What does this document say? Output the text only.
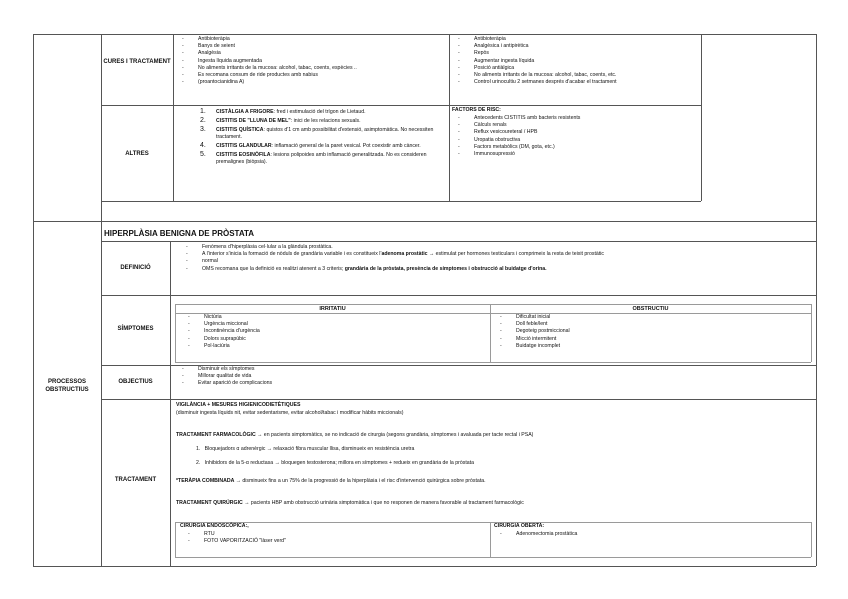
CURES I TRACTAMENT
- Antibioteràpia
- Banys de seient
- Analgèsia
- Ingesta líquida augmentada
- No aliments irritants de la mucosa: alcohol, tabac, coents, espècies ..
- Es recomana consum de ride productes amb nabius
- (proantocianidina A)
- Antibioteràpia
- Analgèsica i antipirètica
- Repòs
- Augmentar ingesta líquida
- Posició antiàlgica
- No aliments irritants de la mucosa: alcohol, tabac, coents, etc.
- Control urinocultiu 2 setmanes després d'acabar el tractament
ALTRES
1. CISTÀLGIA A FRIGORE: fred i estimulació del trígon de Lietaud.
2. CISTITIS DE "LLUNA DE MEL": inici de les relacions sexuals.
3. CISTITIS QUÍSTICA: quistos d'1 cm amb possibilitat d'extensió, asimptomàtica. No necessiten tractament.
4. CISTITIS GLANDULAR: inflamació general de la paret vesical. Pot coexistir amb càncer.
5. CISTITIS EOSINÒFILA: lesions polipoides amb inflamació generalitzada. No es consideren premalignes (biòpsia).
FACTORS DE RISC:
- Antecedents CISTITIS amb bacteris resistents
- Càlculs renals
- Reflux vesicoureteral / HPB
- Uropatia obstructiva
- Factors metabòlics (DM, gota, etc.)
- Immunosupressió
PROCESSOS OBSTRUCTIUS
HIPERPLÀSIA BENIGNA DE PRÒSTATA
DEFINICIÓ
- Fenòmens d'hiperplàsia cel·lular a la glàndula prostàtica.
- A l'interior s'inicia la formació de nòduls de grandària variable i es constitueix l'adenoma prostàtic → estimulat per hormones testiculars i comprimeix la resta de teixit prostàtic
- normal
- OMS recomana que la definició es realitzi atenent a 3 criteris; grandària de la pròstata, presència de símptomes i obstrucció al buidatge d'orina.
SÍMPTOMES
IRRITATIU	OBSTRUCTIU
- Nictúria
- Urgència miccional
- Incontinència d'urgència
- Dolors suprapúbic
- Pol·laciúria
- Dificultat inicial
- Doll feble/lent
- Degoteig postmiccional
- Micció intermitent
- Buidatge incomplet
OBJECTIUS
- Disminuir els símptomes
- Millorar qualitat de vida
- Evitar aparició de complicacions
TRACTAMENT
VIGILÀNCIA + MESURES HIGIENICODIETÈTIQUES
(disminuir ingesta líquids nit, evitar sedentarisme, evitar alcohol/tabac i modificar hàbits miccionals)
TRACTAMENT FARMACOLÒGIC → en pacients simptomàtics, se no indicació de cirurgia (segons grandària, símptomes i avaluada per tacte rectal i PSA)
1.   Bloquejadors α adrenèrgic → relaxació fibra muscular llisa, disminueix en resistència uretra
2.   Inhibidors de la 5-α reductasa → bloquegen testosterona; millora en símptomes + redueix en grandària de la pròstata
*TERÀPIA COMBINADA → disminueix fins a un 75% de la progressió de la hiperplàsia i el risc d'intervenció quirúrgica sobre pròstata.
TRACTAMENT QUIRÚRGIC → pacients HBP amb obstrucció urinària simptomàtica i que no responen de manera favorable al tractament farmacològic
CIRURGIA ENDOSCÒPICA:,
- RTU
- FOTO VAPORITZACIÓ "làser verd"
CIRURGIA OBERTA:
- Adenomectomia prostàtica
